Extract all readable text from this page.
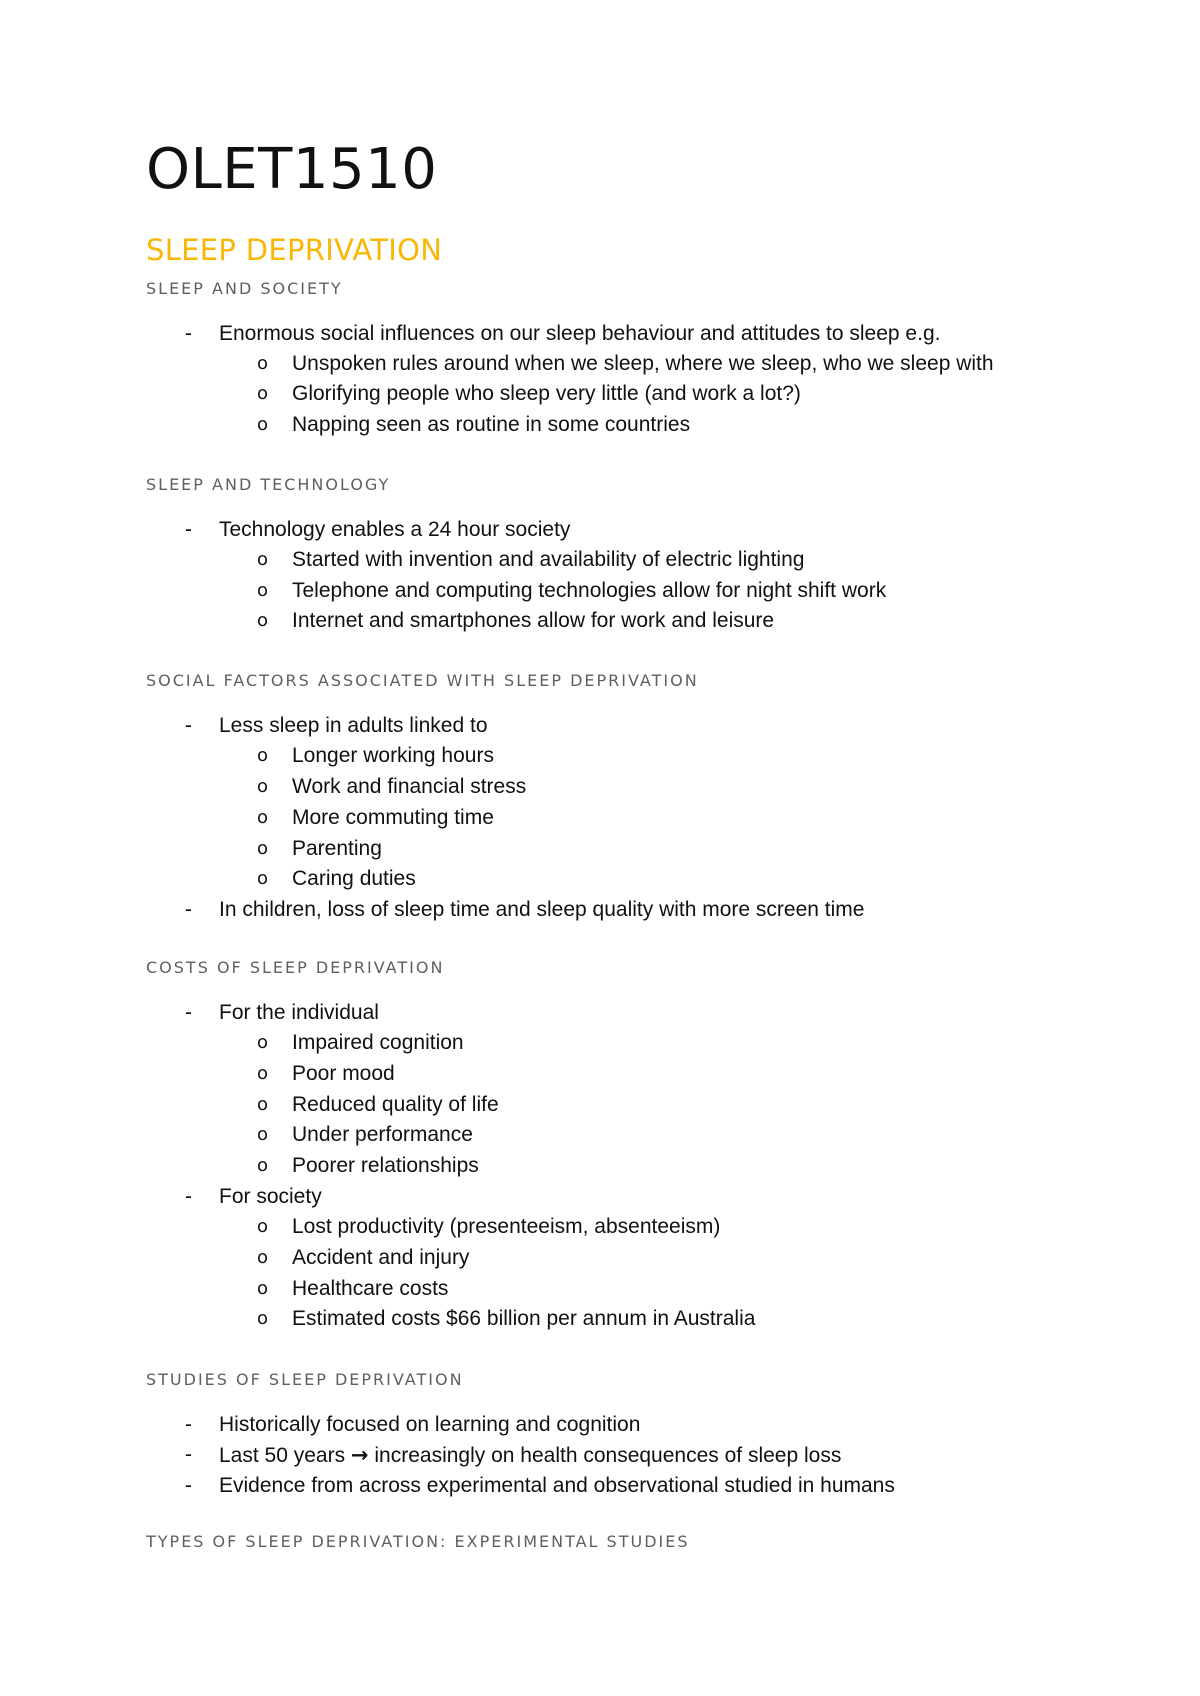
OLET1510
SLEEP DEPRIVATION
SLEEP AND SOCIETY
- Enormous social influences on our sleep behaviour and attitudes to sleep e.g.
o Unspoken rules around when we sleep, where we sleep, who we sleep with
o Glorifying people who sleep very little (and work a lot?)
o Napping seen as routine in some countries
SLEEP AND TECHNOLOGY
- Technology enables a 24 hour society
o Started with invention and availability of electric lighting
o Telephone and computing technologies allow for night shift work
o Internet and smartphones allow for work and leisure
SOCIAL FACTORS ASSOCIATED WITH SLEEP DEPRIVATION
- Less sleep in adults linked to
o Longer working hours
o Work and financial stress
o More commuting time
o Parenting
o Caring duties
- In children, loss of sleep time and sleep quality with more screen time
COSTS OF SLEEP DEPRIVATION
- For the individual
o Impaired cognition
o Poor mood
o Reduced quality of life
o Under performance
o Poorer relationships
- For society
o Lost productivity (presenteeism, absenteeism)
o Accident and injury
o Healthcare costs
o Estimated costs $66 billion per annum in Australia
STUDIES OF SLEEP DEPRIVATION
- Historically focused on learning and cognition
- Last 50 years → increasingly on health consequences of sleep loss
- Evidence from across experimental and observational studied in humans
TYPES OF SLEEP DEPRIVATION: EXPERIMENTAL STUDIES
